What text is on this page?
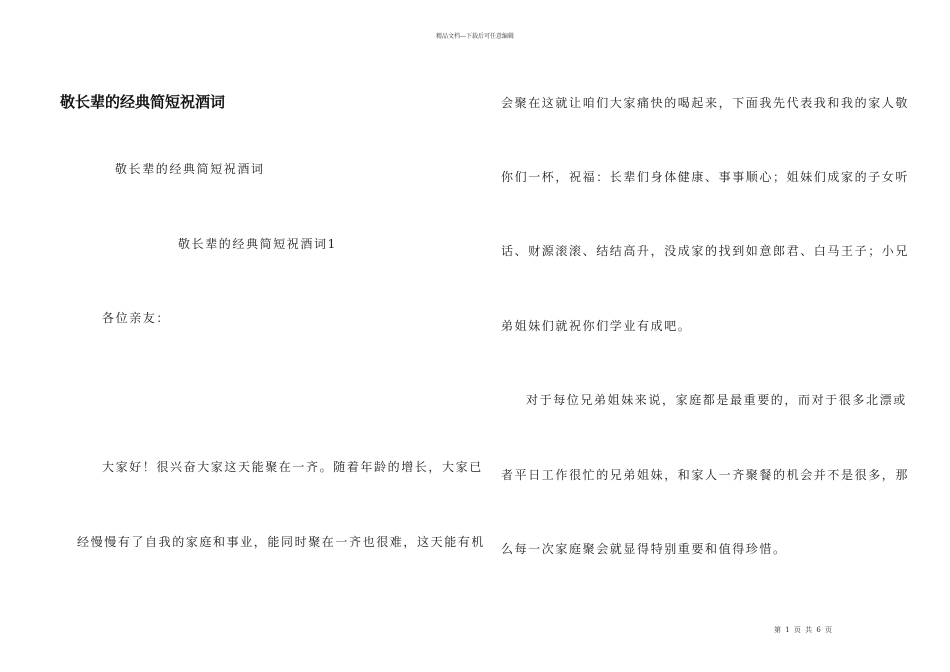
精品文档---下载后可任意编辑
敬长辈的经典简短祝酒词
敬长辈的经典简短祝酒词
敬长辈的经典简短祝酒词1
各位亲友：
大家好！很兴奋大家这天能聚在一齐。随着年龄的增长，大家已
经慢慢有了自我的家庭和事业，能同时聚在一齐也很难，这天能有机
会聚在这就让咱们大家痛快的喝起来，下面我先代表我和我的家人敬
你们一杯，祝福：长辈们身体健康、事事顺心；姐妹们成家的子女听
话、财源滚滚、结结高升，没成家的找到如意郎君、白马王子；小兄
弟姐妹们就祝你们学业有成吧。
对于每位兄弟姐妹来说，家庭都是最重要的，而对于很多北漂或
者平日工作很忙的兄弟姐妹，和家人一齐聚餐的机会并不是很多，那
么每一次家庭聚会就显得特别重要和值得珍惜。
第 1 页 共 6 页
